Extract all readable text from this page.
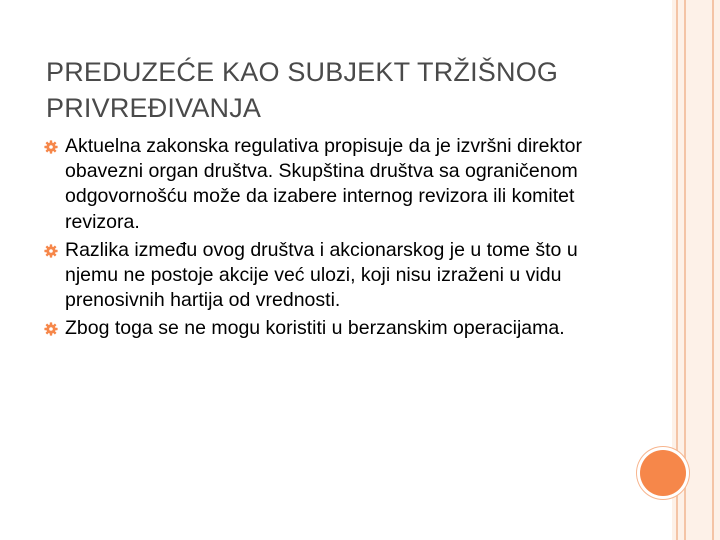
PREDUZEĆE KAO SUBJEKT TRŽIŠNOG
PRIVREĐIVANJA
Aktuelna zakonska regulativa propisuje da je izvršni direktor obavezni organ društva. Skupština društva sa ograničenom odgovornošću može da izabere internog revizora ili komitet revizora.
Razlika između ovog društva i akcionarskog je u tome što u njemu ne postoje akcije već ulozi, koji nisu izraženi u vidu prenosivnih hartija od vrednosti.
Zbog toga se ne mogu koristiti u berzanskim operacijama.
